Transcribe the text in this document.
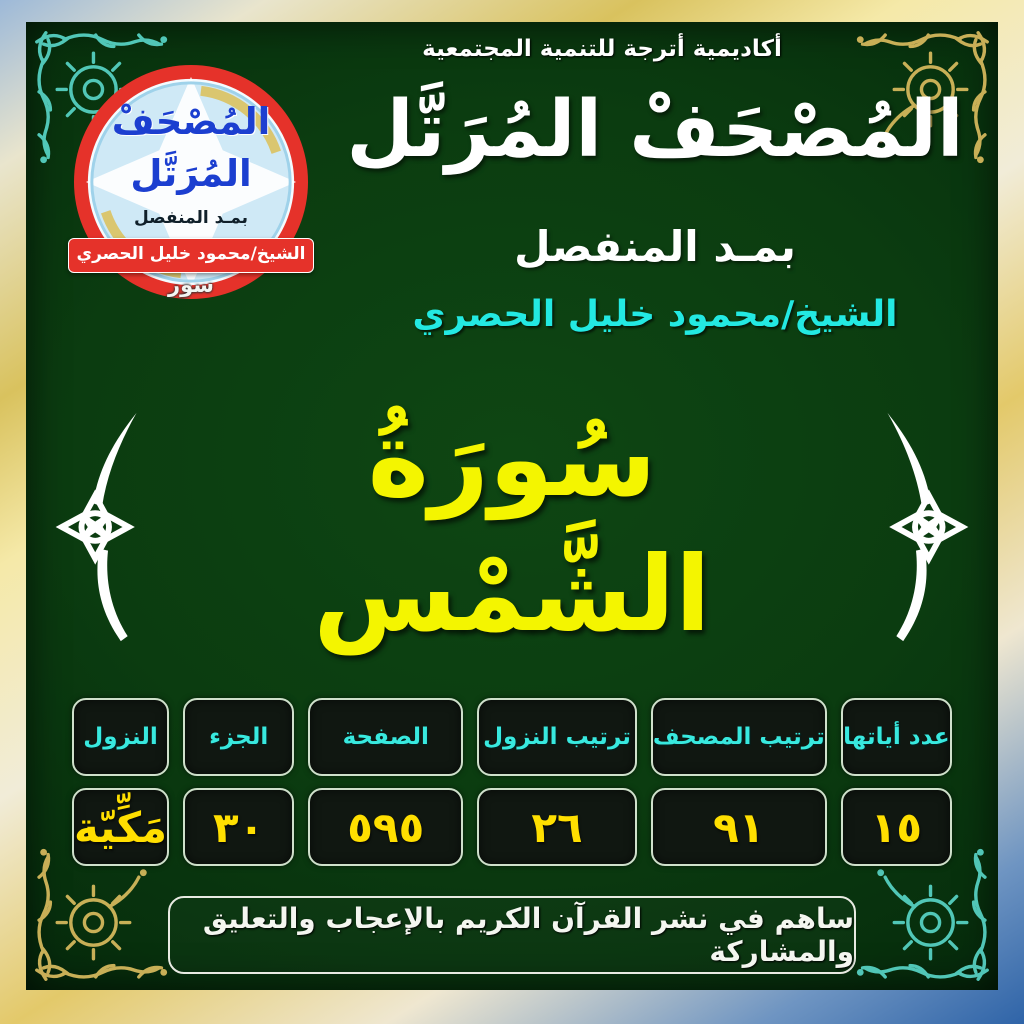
أكاديمية أترجة للتنمية المجتمعية
المُصْحَفْ
المُرَتَّل
بمـد المنفصل
الشيخ/محمود خليل الحصري
سور
المُصْحَفْ المُرَتَّل
بمـد المنفصل
الشيخ/محمود خليل الحصري
سُورَةُ الشَّمْس
عدد أياتها
١٥
ترتيب المصحف
٩١
ترتيب النزول
٢٦
الصفحة
٥٩٥
الجزء
٣٠
النزول
مَكِّيّة
ساهم في نشر القرآن الكريم بالإعجاب والتعليق والمشاركة
